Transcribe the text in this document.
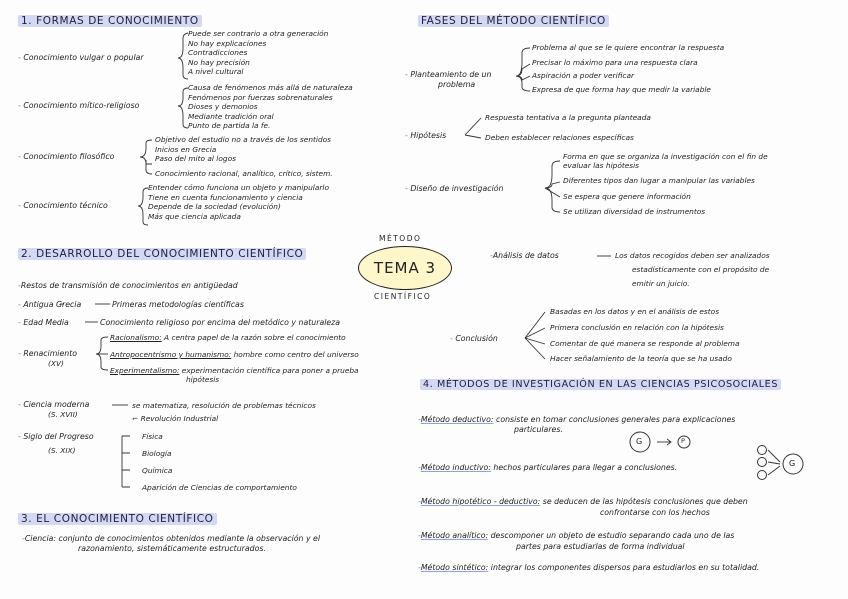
1. FORMAS DE CONOCIMIENTO
- Conocimiento vulgar o popular
Puede ser contrario a otra generación
No hay explicaciones
Contradicciones
No hay precisión
A nivel cultural
- Conocimiento mítico-religioso
Causa de fenómenos más allá de naturaleza
Fenómenos por fuerzas sobrenaturales
Dioses y demonios
Mediante tradición oral
Punto de partida la fe.
- Conocimiento filosófico
Objetivo del estudio no a través de los sentidos
Inicios en Grecia
Paso del mito al logos
Conocimiento racional, analítico, crítico, sistem.
- Conocimiento técnico
Entender cómo funciona un objeto y manipularlo
Tiene en cuenta funcionamiento y ciencia
Depende de la sociedad (evolución)
Más que ciencia aplicada
MÉTODO
TEMA 3
CIENTÍFICO
2. DESARROLLO DEL CONOCIMIENTO CIENTÍFICO
-Restos de transmisión de conocimientos en antigüedad
- Antigua Grecia	Primeras metodologías científicas
- Edad Media	Conocimiento religioso por encima del metódico y naturaleza
- Renacimiento
(XV)
Racionalismo: A centra papel de la razón sobre el conocimiento
Antropocentrismo y humanismo: hombre como centro del universo
Experimentalismo: experimentación científica para poner a prueba
hipótesis
- Ciencia moderna
(S. XVII)
se matematiza, resolución de problemas técnicos
⌐ Revolución Industrial
- Siglo del Progreso
(S. XIX)
Física
Biología
Química
Aparición de Ciencias de comportamiento
3. EL CONOCIMIENTO CIENTÍFICO
-Ciencia: conjunto de conocimientos obtenidos mediante la observación y el
razonamiento, sistemáticamente estructurados.
FASES DEL MÉTODO CIENTÍFICO
- Planteamiento de un
problema
Problema al que se le quiere encontrar la respuesta
Precisar lo máximo para una respuesta clara
Aspiración a poder verificar
Expresa de que forma hay que medir la variable
- Hipótesis
Respuesta tentativa a la pregunta planteada
Deben establecer relaciones específicas
- Diseño de investigación
Forma en que se organiza la investigación con el fin de
evaluar las hipótesis
Diferentes tipos dan lugar a manipular las variables
Se espera que genere información
Se utilizan diversidad de instrumentos
-Análisis de datos	Los datos recogidos deben ser analizados
estadísticamente con el propósito de
emitir un juicio.
- Conclusión
Basadas en los datos y en el análisis de estos
Primera conclusión en relación con la hipótesis
Comentar de qué manera se responde al problema
Hacer señalamiento de la teoría que se ha usado
4. MÉTODOS DE INVESTIGACIÓN EN LAS CIENCIAS PSICOSOCIALES
-Método deductivo: consiste en tomar conclusiones generales para explicaciones
particulares.
G	P
G
-Método inductivo: hechos particulares para llegar a conclusiones.
-Método hipotético - deductivo: se deducen de las hipótesis conclusiones que deben
confrontarse con los hechos
-Método analítico: descomponer un objeto de estudio separando cada uno de las
partes para estudiarlas de forma individual
-Método sintético: integrar los componentes dispersos para estudiarlos en su totalidad.
